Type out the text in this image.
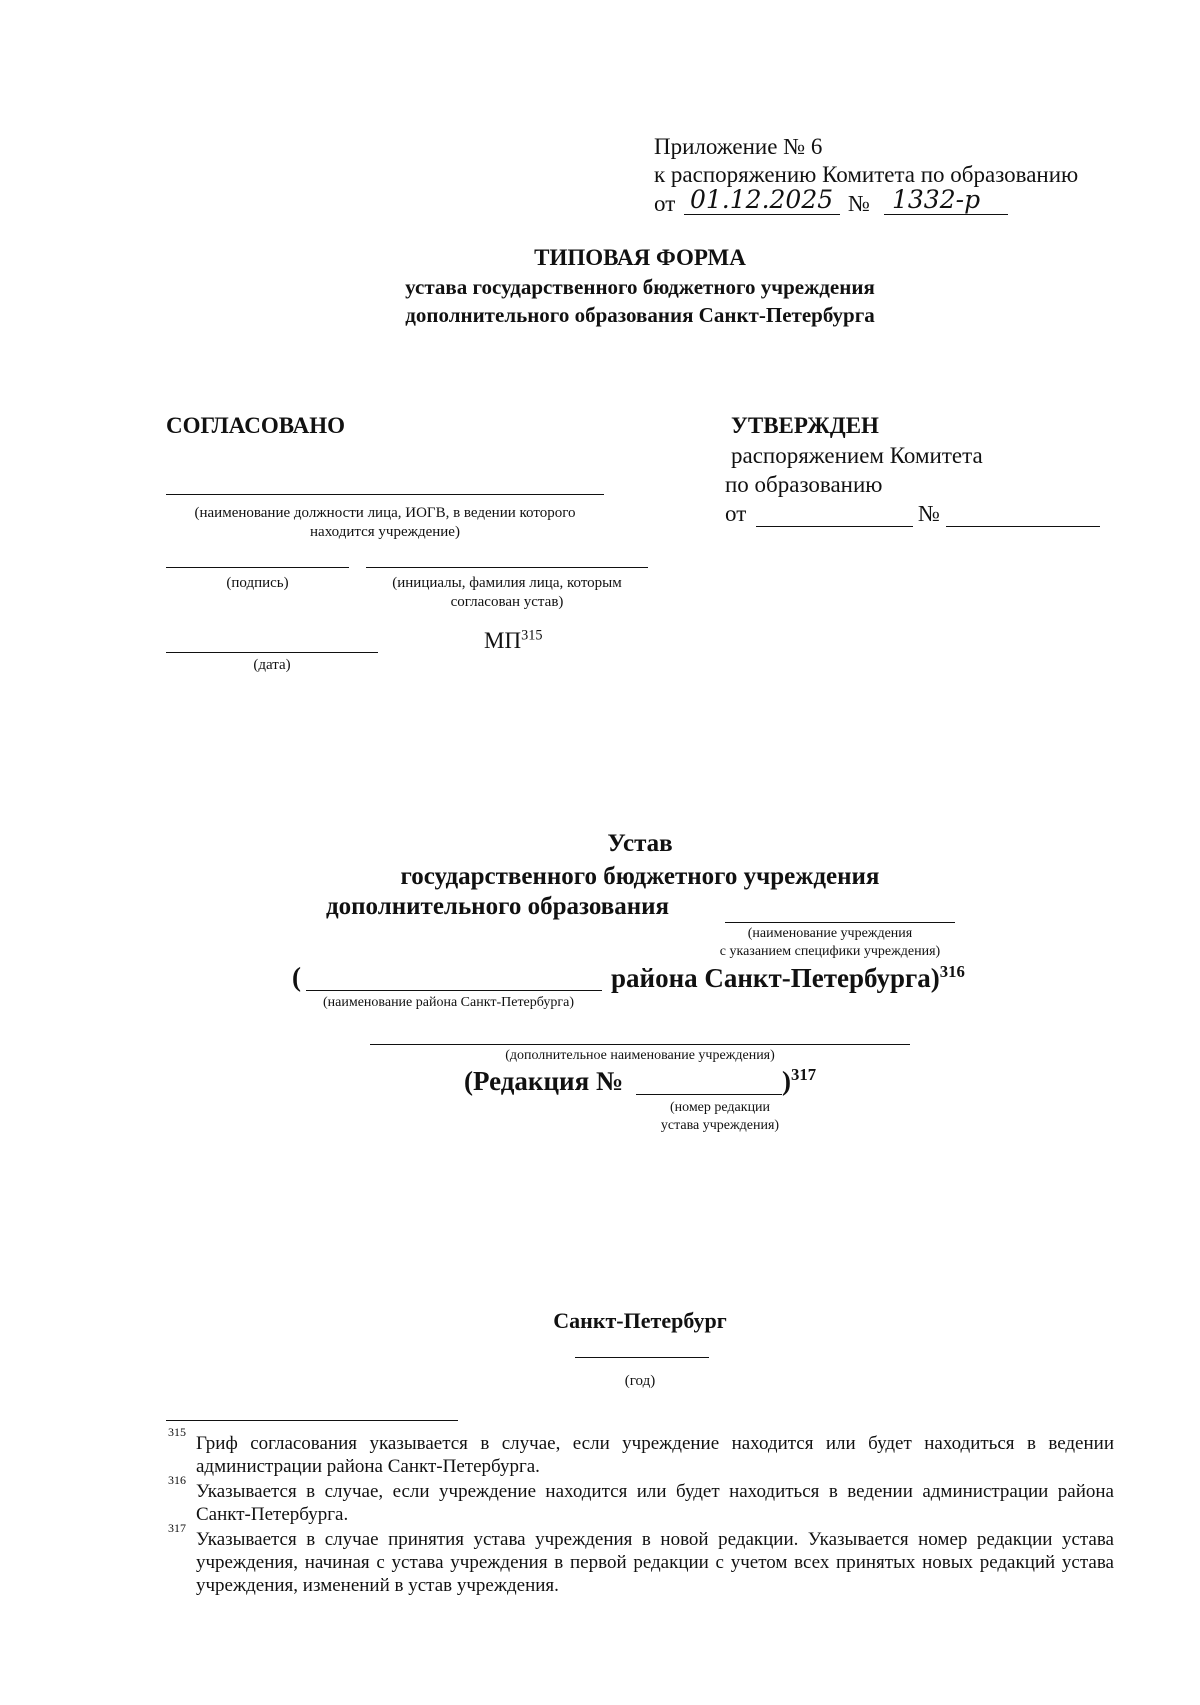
Приложение № 6
к распоряжению Комитета по образованию
от 01.12.2025 № 1332-р
ТИПОВАЯ ФОРМА
устава государственного бюджетного учреждения
дополнительного образования Санкт-Петербурга
СОГЛАСОВАНО
(наименование должности лица, ИОГВ, в ведении которого находится учреждение)
(подпись)	(инициалы, фамилия лица, которым согласован устав)
МП$^{315}$
(дата)
УТВЕРЖДЕН
распоряжением Комитета
по образованию
от	№
Устав
государственного бюджетного учреждения
дополнительного образования
(наименование учреждения
с указанием специфики учреждения)
(	района Санкт-Петербурга)$^{316}$
(наименование района Санкт-Петербурга)
(дополнительное наименование учреждения)
(Редакция №	)$^{317}$
(номер редакции
устава учреждения)
Санкт-Петербург
(год)
315
Гриф согласования указывается в случае, если учреждение находится или будет находиться в ведении администрации района Санкт-Петербурга.
316
Указывается в случае, если учреждение находится или будет находиться в ведении администрации района Санкт-Петербурга.
317
Указывается в случае принятия устава учреждения в новой редакции. Указывается номер редакции устава учреждения, начиная с устава учреждения в первой редакции с учетом всех принятых новых редакций устава учреждения, изменений в устав учреждения.
